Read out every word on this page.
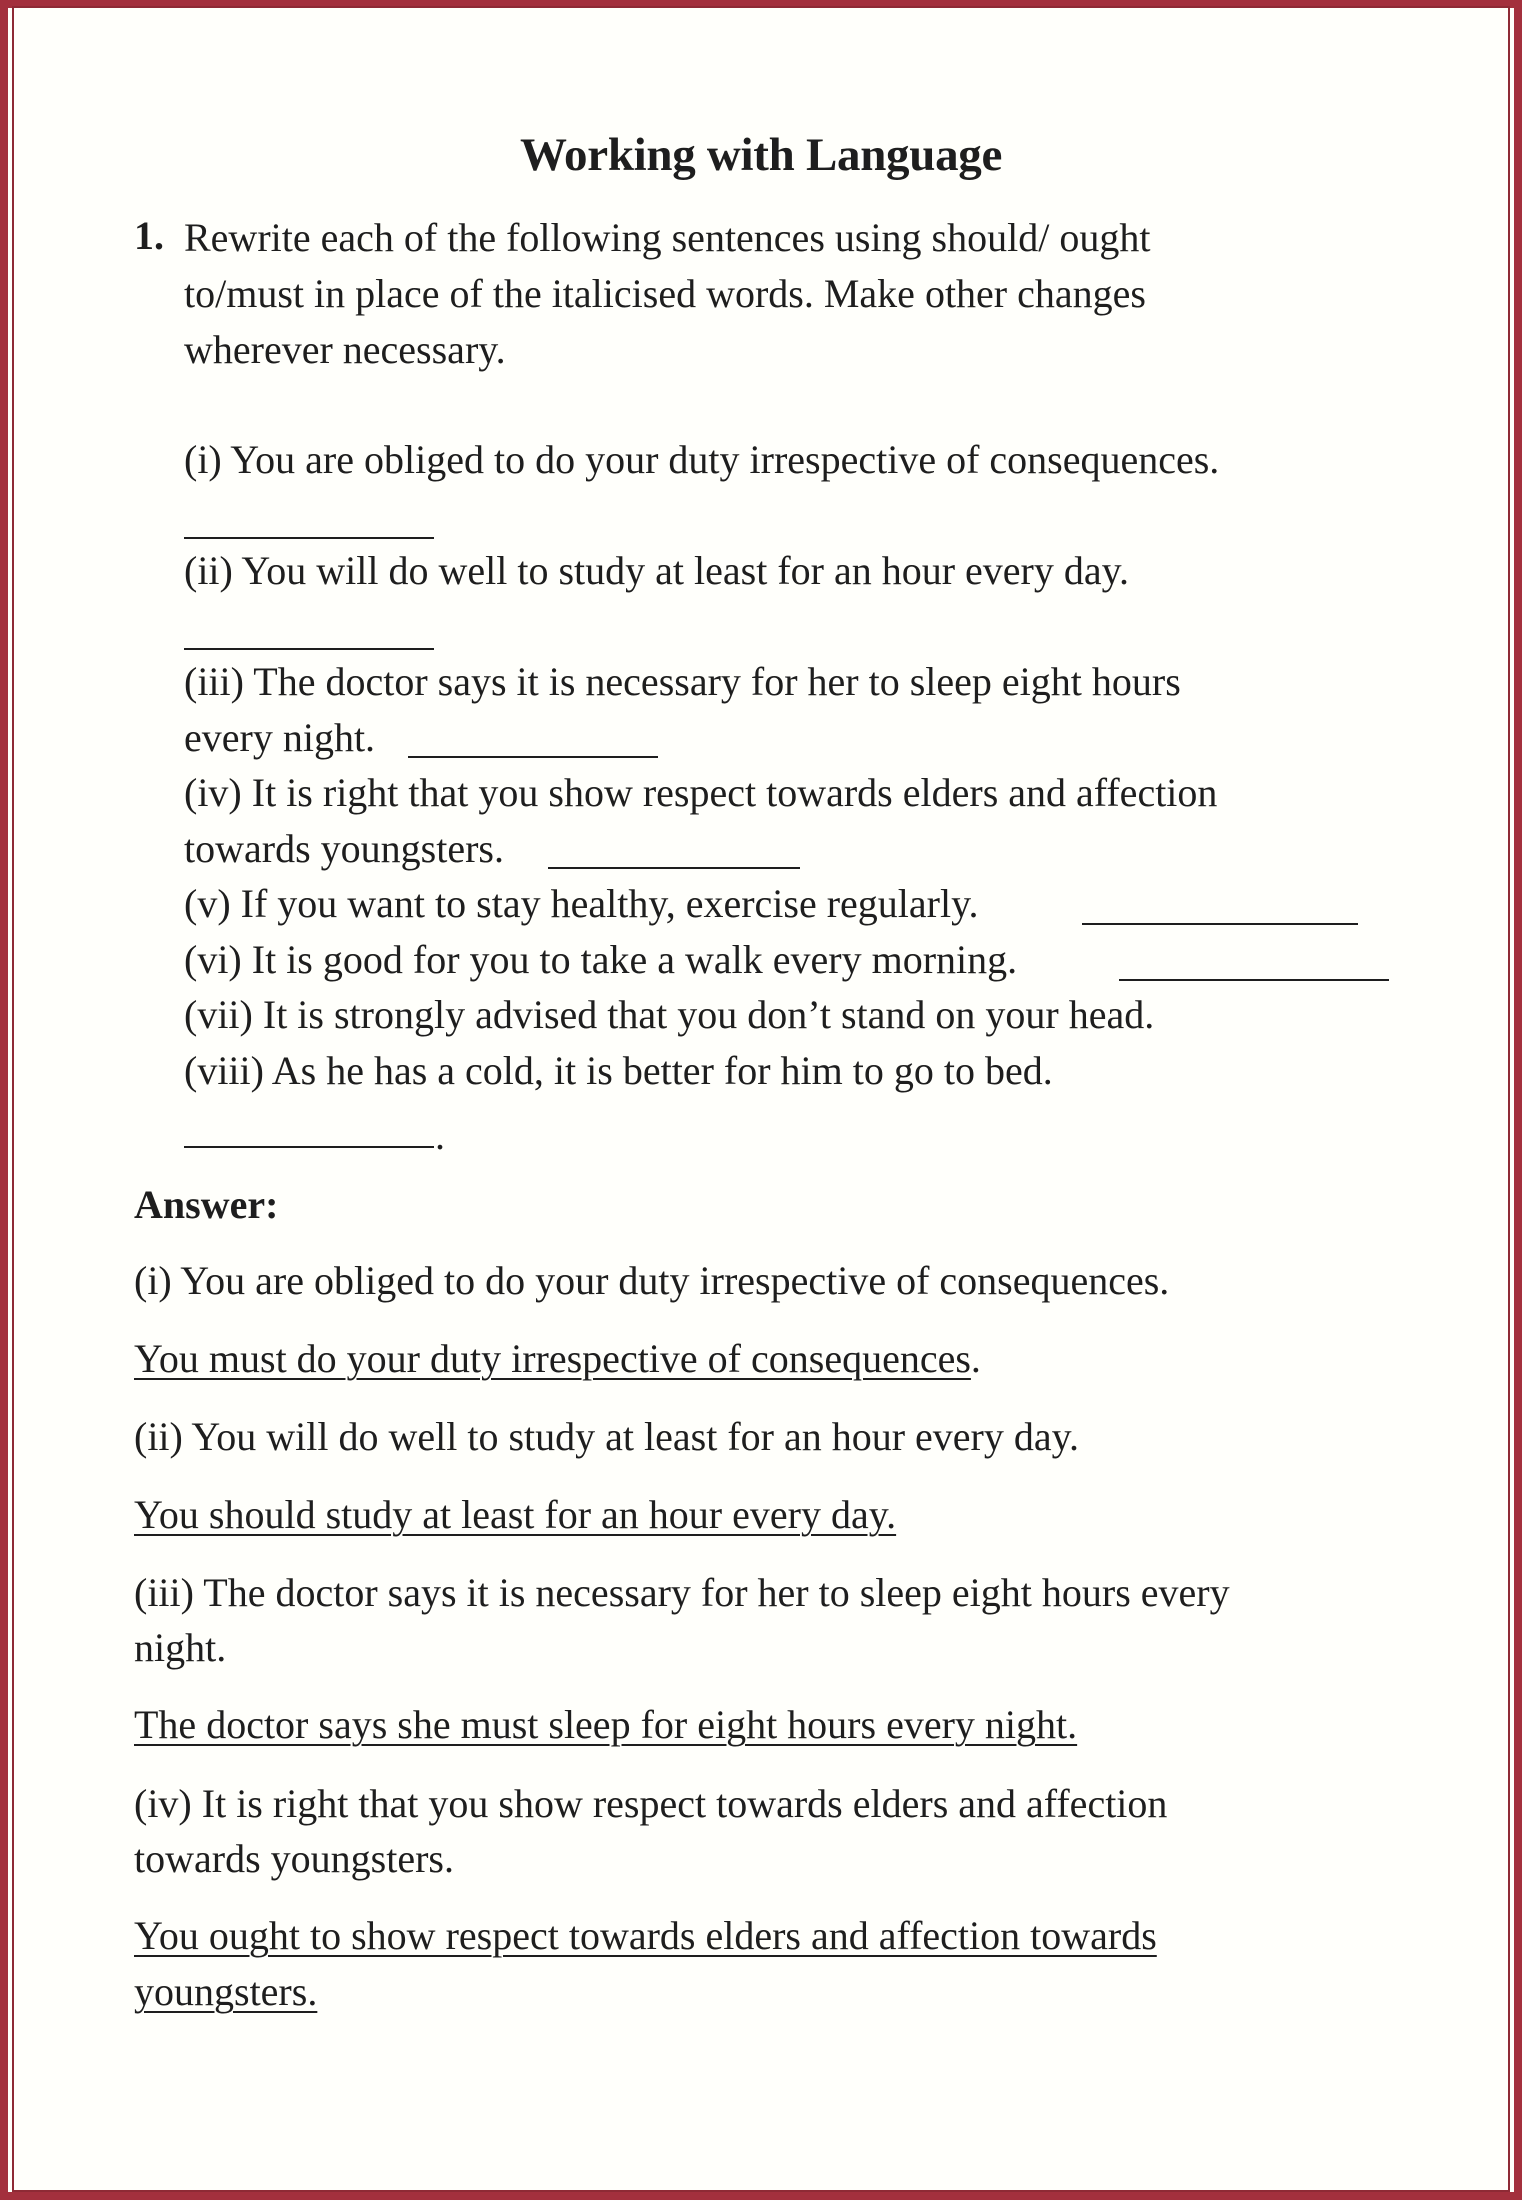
Working with Language
1. Rewrite each of the following sentences using should/ ought
to/must in place of the italicised words. Make other changes
wherever necessary.
(i) You are obliged to do your duty irrespective of consequences.
(ii) You will do well to study at least for an hour every day.
(iii) The doctor says it is necessary for her to sleep eight hours
every night.
(iv) It is right that you show respect towards elders and affection
towards youngsters.
(v) If you want to stay healthy, exercise regularly.
(vi) It is good for you to take a walk every morning.
(vii) It is strongly advised that you don’t stand on your head.
(viii) As he has a cold, it is better for him to go to bed.
.
Answer:
(i) You are obliged to do your duty irrespective of consequences.
You must do your duty irrespective of consequences.
(ii) You will do well to study at least for an hour every day.
You should study at least for an hour every day.
(iii) The doctor says it is necessary for her to sleep eight hours every
night.
The doctor says she must sleep for eight hours every night.
(iv) It is right that you show respect towards elders and affection
towards youngsters.
You ought to show respect towards elders and affection towards
youngsters.
